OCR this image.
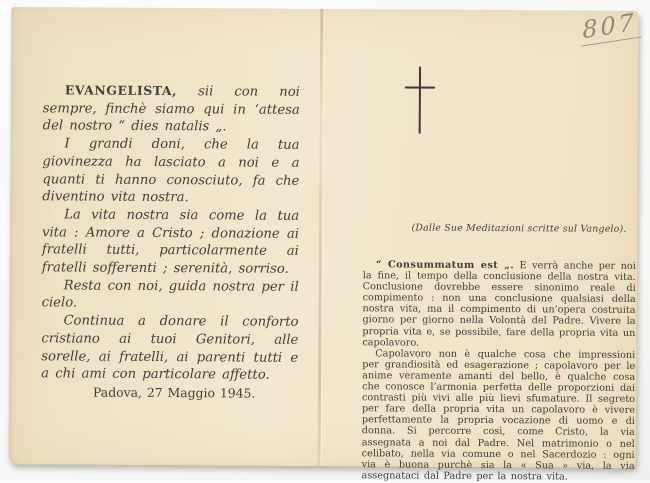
807

EVANGELISTA, sii con noi sempre, finchè siamo qui in ‘attesa del nostro “ dies natalis „.

I grandi doni, che la tua giovinezza ha lasciato a noi e a quanti ti hanno conosciuto, fa che diventino vita nostra.

La vita nostra sia come la tua vita : Amore a Cristo ; donazione ai fratelli tutti, particolarmente ai fratelli sofferenti ; serenità, sorriso.

Resta con noi, guida nostra per il cielo.

Continua a donare il conforto cristiano ai tuoi Genitori, alle sorelle, ai fratelli, ai parenti tutti e a chi ami con particolare affetto.

Padova, 27 Maggio 1945.

(Dalle Sue Meditazioni scritte sul Vangelo).

“ Consummatum est „. E verrà anche per noi la fine, il tempo della conclusione della nostra vita. Conclusione dovrebbe essere sinonimo reale di compimento : non una conclusione qualsiasi della nostra vita, ma il compimento di un’opera costruita giorno per giorno nella Volontà del Padre. Vivere la propria vita e, se possibile, fare della propria vita un capolavoro.

Capolavoro non è qualche cosa che impressioni per grandiosità ed esagerazione ; capolavoro per le anime veramente amanti del bello, è qualche cosa che conosce l’armonia perfetta delle proporzioni dai contrasti più vivi alle più lievi sfumature. Il segreto per fare della propria vita un capolavoro è vivere perfettamente la propria vocazione di uomo e di donna. Si percorre così, come Cristo, la via assegnata a noi dal Padre. Nel matrimonio o nel celibato, nella via comune o nel Sacerdozio : ogni via è buona purchè sia la « Sua » via, la via assegnataci dal Padre per la nostra vita.
